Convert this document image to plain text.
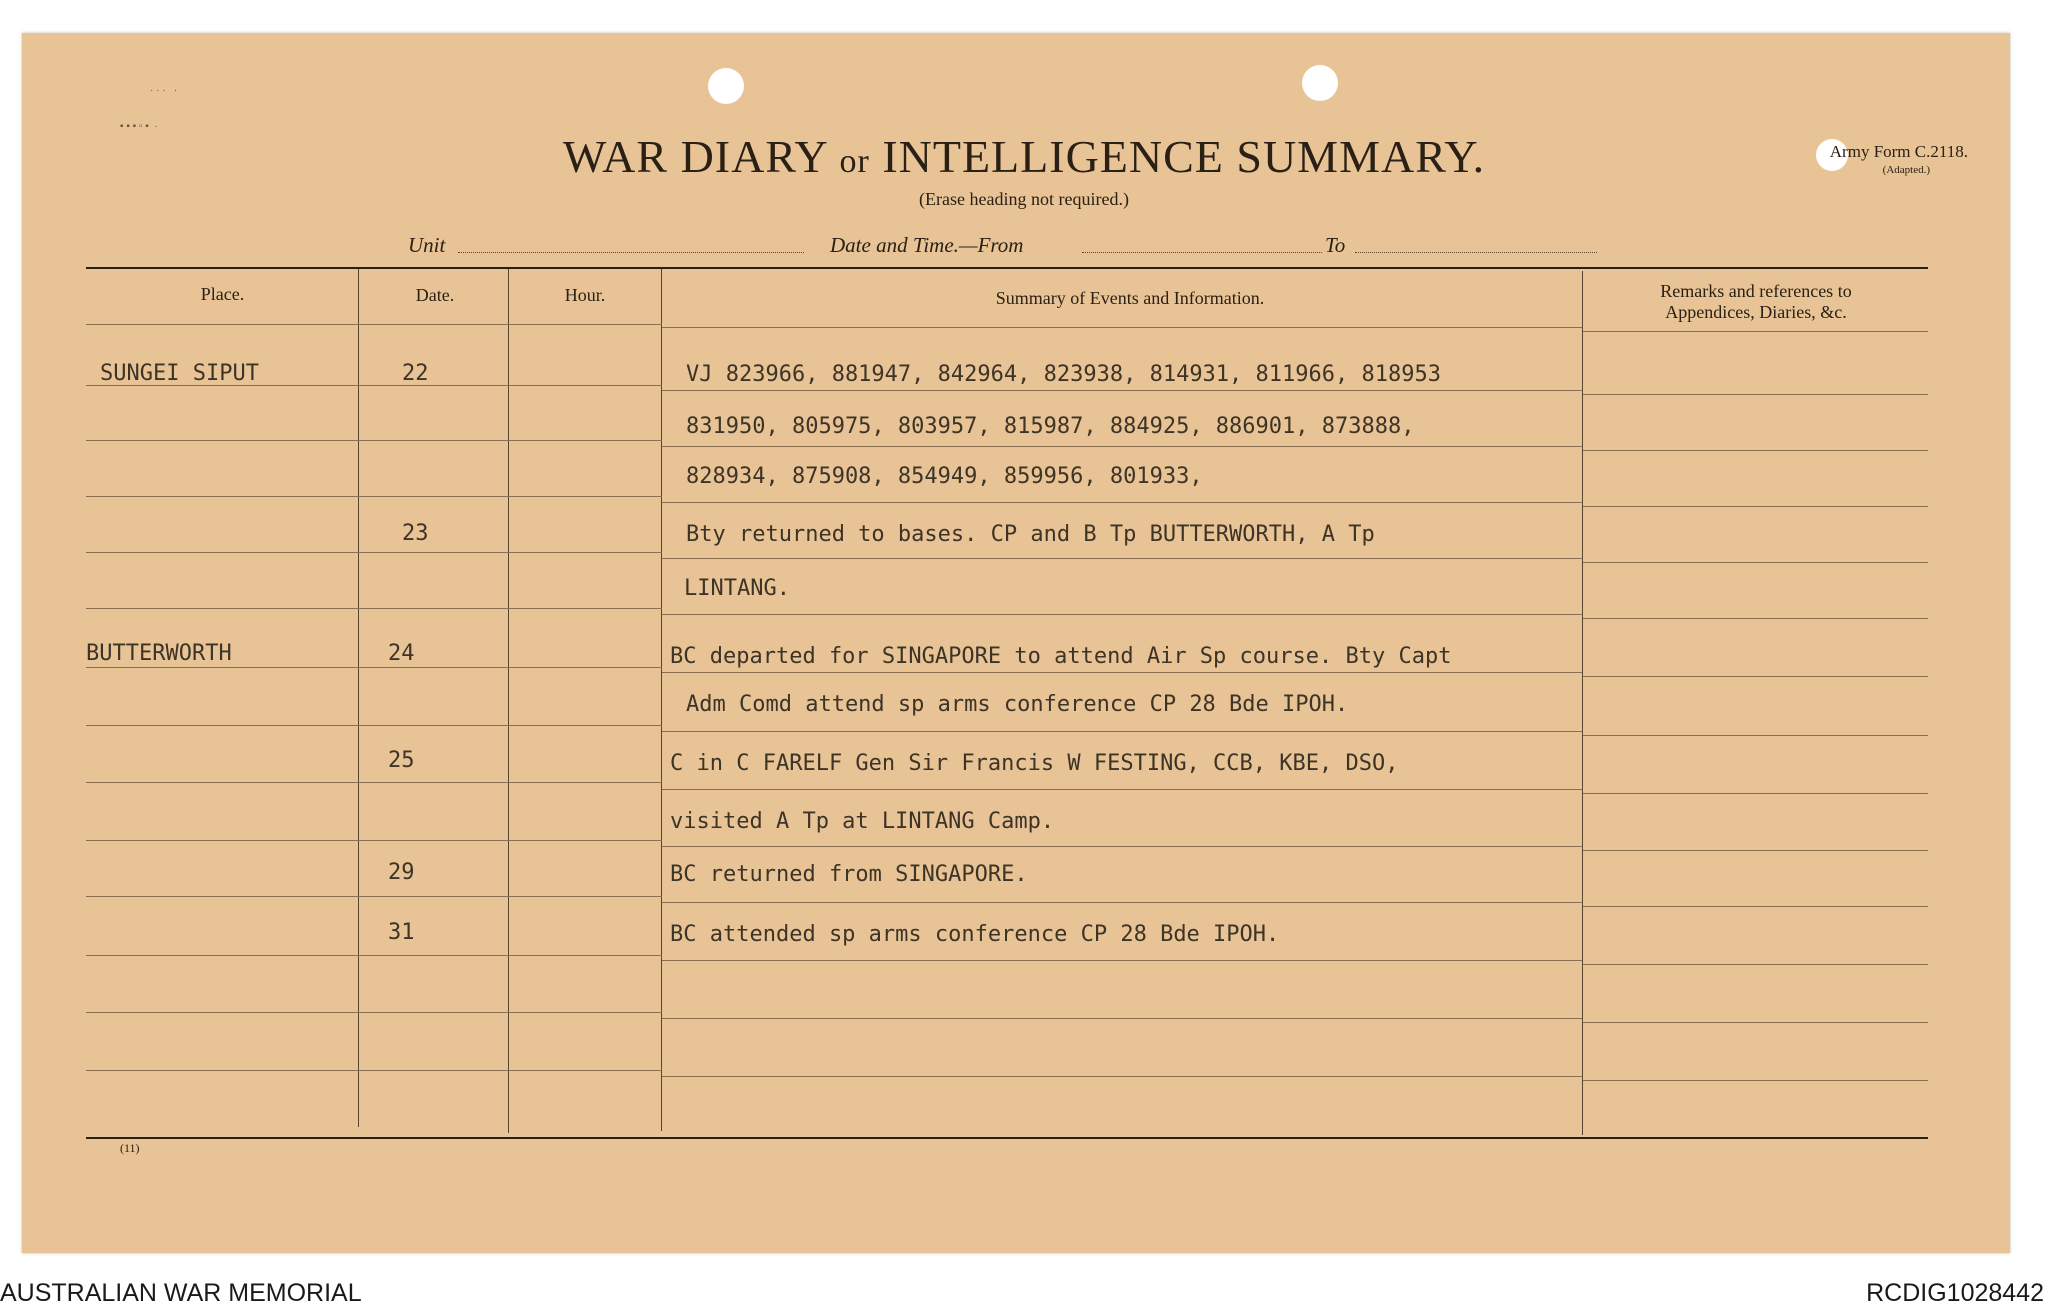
· · ·   ·
▪ ▪ ▪ ▫ ▪  ·
WAR DIARY or INTELLIGENCE SUMMARY.
(Erase heading not required.)
Army Form C.2118.
(Adapted.)
Unit	Date and Time.—From	To
Place.	Date.	Hour.	Summary of Events and Information.	Remarks and references to
Appendices, Diaries, &c.
SUNGEI SIPUT	22	VJ 823966, 881947, 842964, 823938, 814931, 811966, 818953
831950, 805975, 803957, 815987, 884925, 886901, 873888,
828934, 875908, 854949, 859956, 801933,
23	Bty returned to bases. CP and B Tp BUTTERWORTH, A Tp
LINTANG.
BUTTERWORTH	24	BC departed for SINGAPORE to attend Air Sp course. Bty Capt
Adm Comd attend sp arms conference CP 28 Bde IPOH.
25	C in C FARELF Gen Sir Francis W FESTING, CCB, KBE, DSO,
visited A Tp at LINTANG Camp.
29	BC returned from SINGAPORE.
31	BC attended sp arms conference CP 28 Bde IPOH.
(11)
AUSTRALIAN WAR MEMORIAL	RCDIG1028442
